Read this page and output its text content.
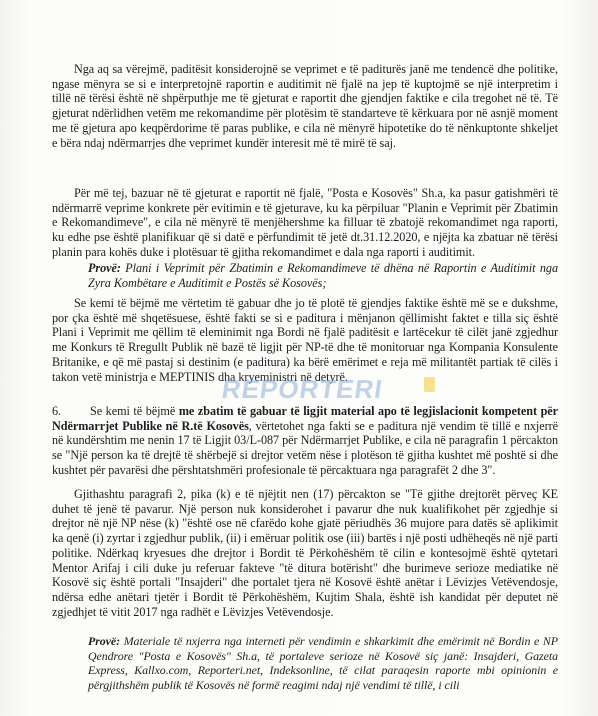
Nga aq sa vërejmë, paditësit konsiderojnë se veprimet e të paditurës janë me tendencë dhe politike, ngase mënyra se si e interpretojnë raportin e auditimit në fjalë na jep të kuptojmë se një interpretim i tillë në tërësi është në shpërputhje me të gjeturat e raportit dhe gjendjen faktike e cila tregohet në të. Të gjeturat ndërlidhen vetëm me rekomandime për plotësim të standarteve të kërkuara por në asnjë moment me të gjetura apo keqpërdorime të paras publike, e cila në mënyrë hipotetike do të nënkuptonte shkeljet e bëra ndaj ndërmarrjes dhe veprimet kundër interesit më të mirë të saj.
Për më tej, bazuar në të gjeturat e raportit në fjalë, "Posta e Kosovës" Sh.a, ka pasur gatishmëri të ndërmarrë veprime konkrete për evitimin e të gjeturave, ku ka përpiluar "Planin e Veprimit për Zbatimin e Rekomandimeve", e cila në mënyrë të menjëhershme ka filluar të zbatojë rekomandimet nga raporti, ku edhe pse është planifikuar që si datë e përfundimit të jetë dt.31.12.2020, e njëjta ka zbatuar në tërësi planin para kohës duke i plotësuar të gjitha rekomandimet e dala nga raporti i auditimit.
Provë: Plani i Veprimit për Zbatimin e Rekomandimeve të dhëna në Raportin e Auditimit nga Zyra Kombëtare e Auditimit e Postës së Kosovës;
Se kemi të bëjmë me vërtetim të gabuar dhe jo të plotë të gjendjes faktike është më se e dukshme, por çka është më shqetësuese, është fakti se si e paditura i mënjanon qëllimisht faktet e tilla siç është Plani i Veprimit me qëllim të eleminimit nga Bordi në fjalë paditësit e lartëcekur të cilët janë zgjedhur me Konkurs të Rregullt Publik në bazë të ligjit për NP-të dhe të monitoruar nga Kompania Konsulente Britanike, e që më pastaj si destinim (e paditura) ka bërë emërimet e reja më militantët partiak të cilës i takon vetë ministrja e MEPTINIS dha kryeministri në detyrë.
REPORTERI
6. Se kemi të bëjmë me zbatim të gabuar të ligjit material apo të legjislacionit kompetent për Ndërmarrjet Publike në R.të Kosovës, vërtetohet nga fakti se e paditura një vendim të tillë e nxjerrë në kundërshtim me nenin 17 të Ligjit 03/L-087 për Ndërmarrjet Publike, e cila në paragrafin 1 përcakton se "Një person ka të drejtë të shërbejë si drejtor vetëm nëse i plotëson të gjitha kushtet më poshtë si dhe kushtet për pavarësi dhe përshtatshmëri profesionale të përcaktuara nga paragrafët 2 dhe 3".
Gjithashtu paragrafi 2, pika (k) e të njëjtit nen (17) përcakton se "Të gjithe drejtorët përveç KE duhet të jenë të pavarur. Një person nuk konsiderohet i pavarur dhe nuk kualifikohet për zgjedhje si drejtor në një NP nëse (k) "është ose në cfarëdo kohe gjatë përiudhës 36 mujore para datës së aplikimit ka qenë (i) zyrtar i zgjedhur publik, (ii) i emëruar politik ose (iii) bartës i një posti udhëheqës në një parti politike. Ndërkaq kryesues dhe drejtor i Bordit të Përkohëshëm të cilin e kontesojmë është qytetari Mentor Arifaj i cili duke ju referuar fakteve "të ditura botërisht" dhe burimeve serioze mediatike në Kosovë siç është portali "Insajderi" dhe portalet tjera në Kosovë është anëtar i Lëvizjes Vetëvendosje, ndërsa edhe anëtari tjetër i Bordit të Përkohëshëm, Kujtim Shala, është ish kandidat për deputet në zgjedhjet të vitit 2017 nga radhët e Lëvizjes Vetëvendosje.
Provë: Materiale të nxjerra nga interneti për vendimin e shkarkimit dhe emërimit në Bordin e NP Qendrore "Posta e Kosovës" Sh.a, të portaleve serioze në Kosovë siç janë: Insajderi, Gazeta Express, Kallxo.com, Reporteri.net, Indeksonline, të cilat paraqesin raporte mbi opinionin e përgjithshëm publik të Kosovës në formë reagimi ndaj një vendimi të tillë, i cili
